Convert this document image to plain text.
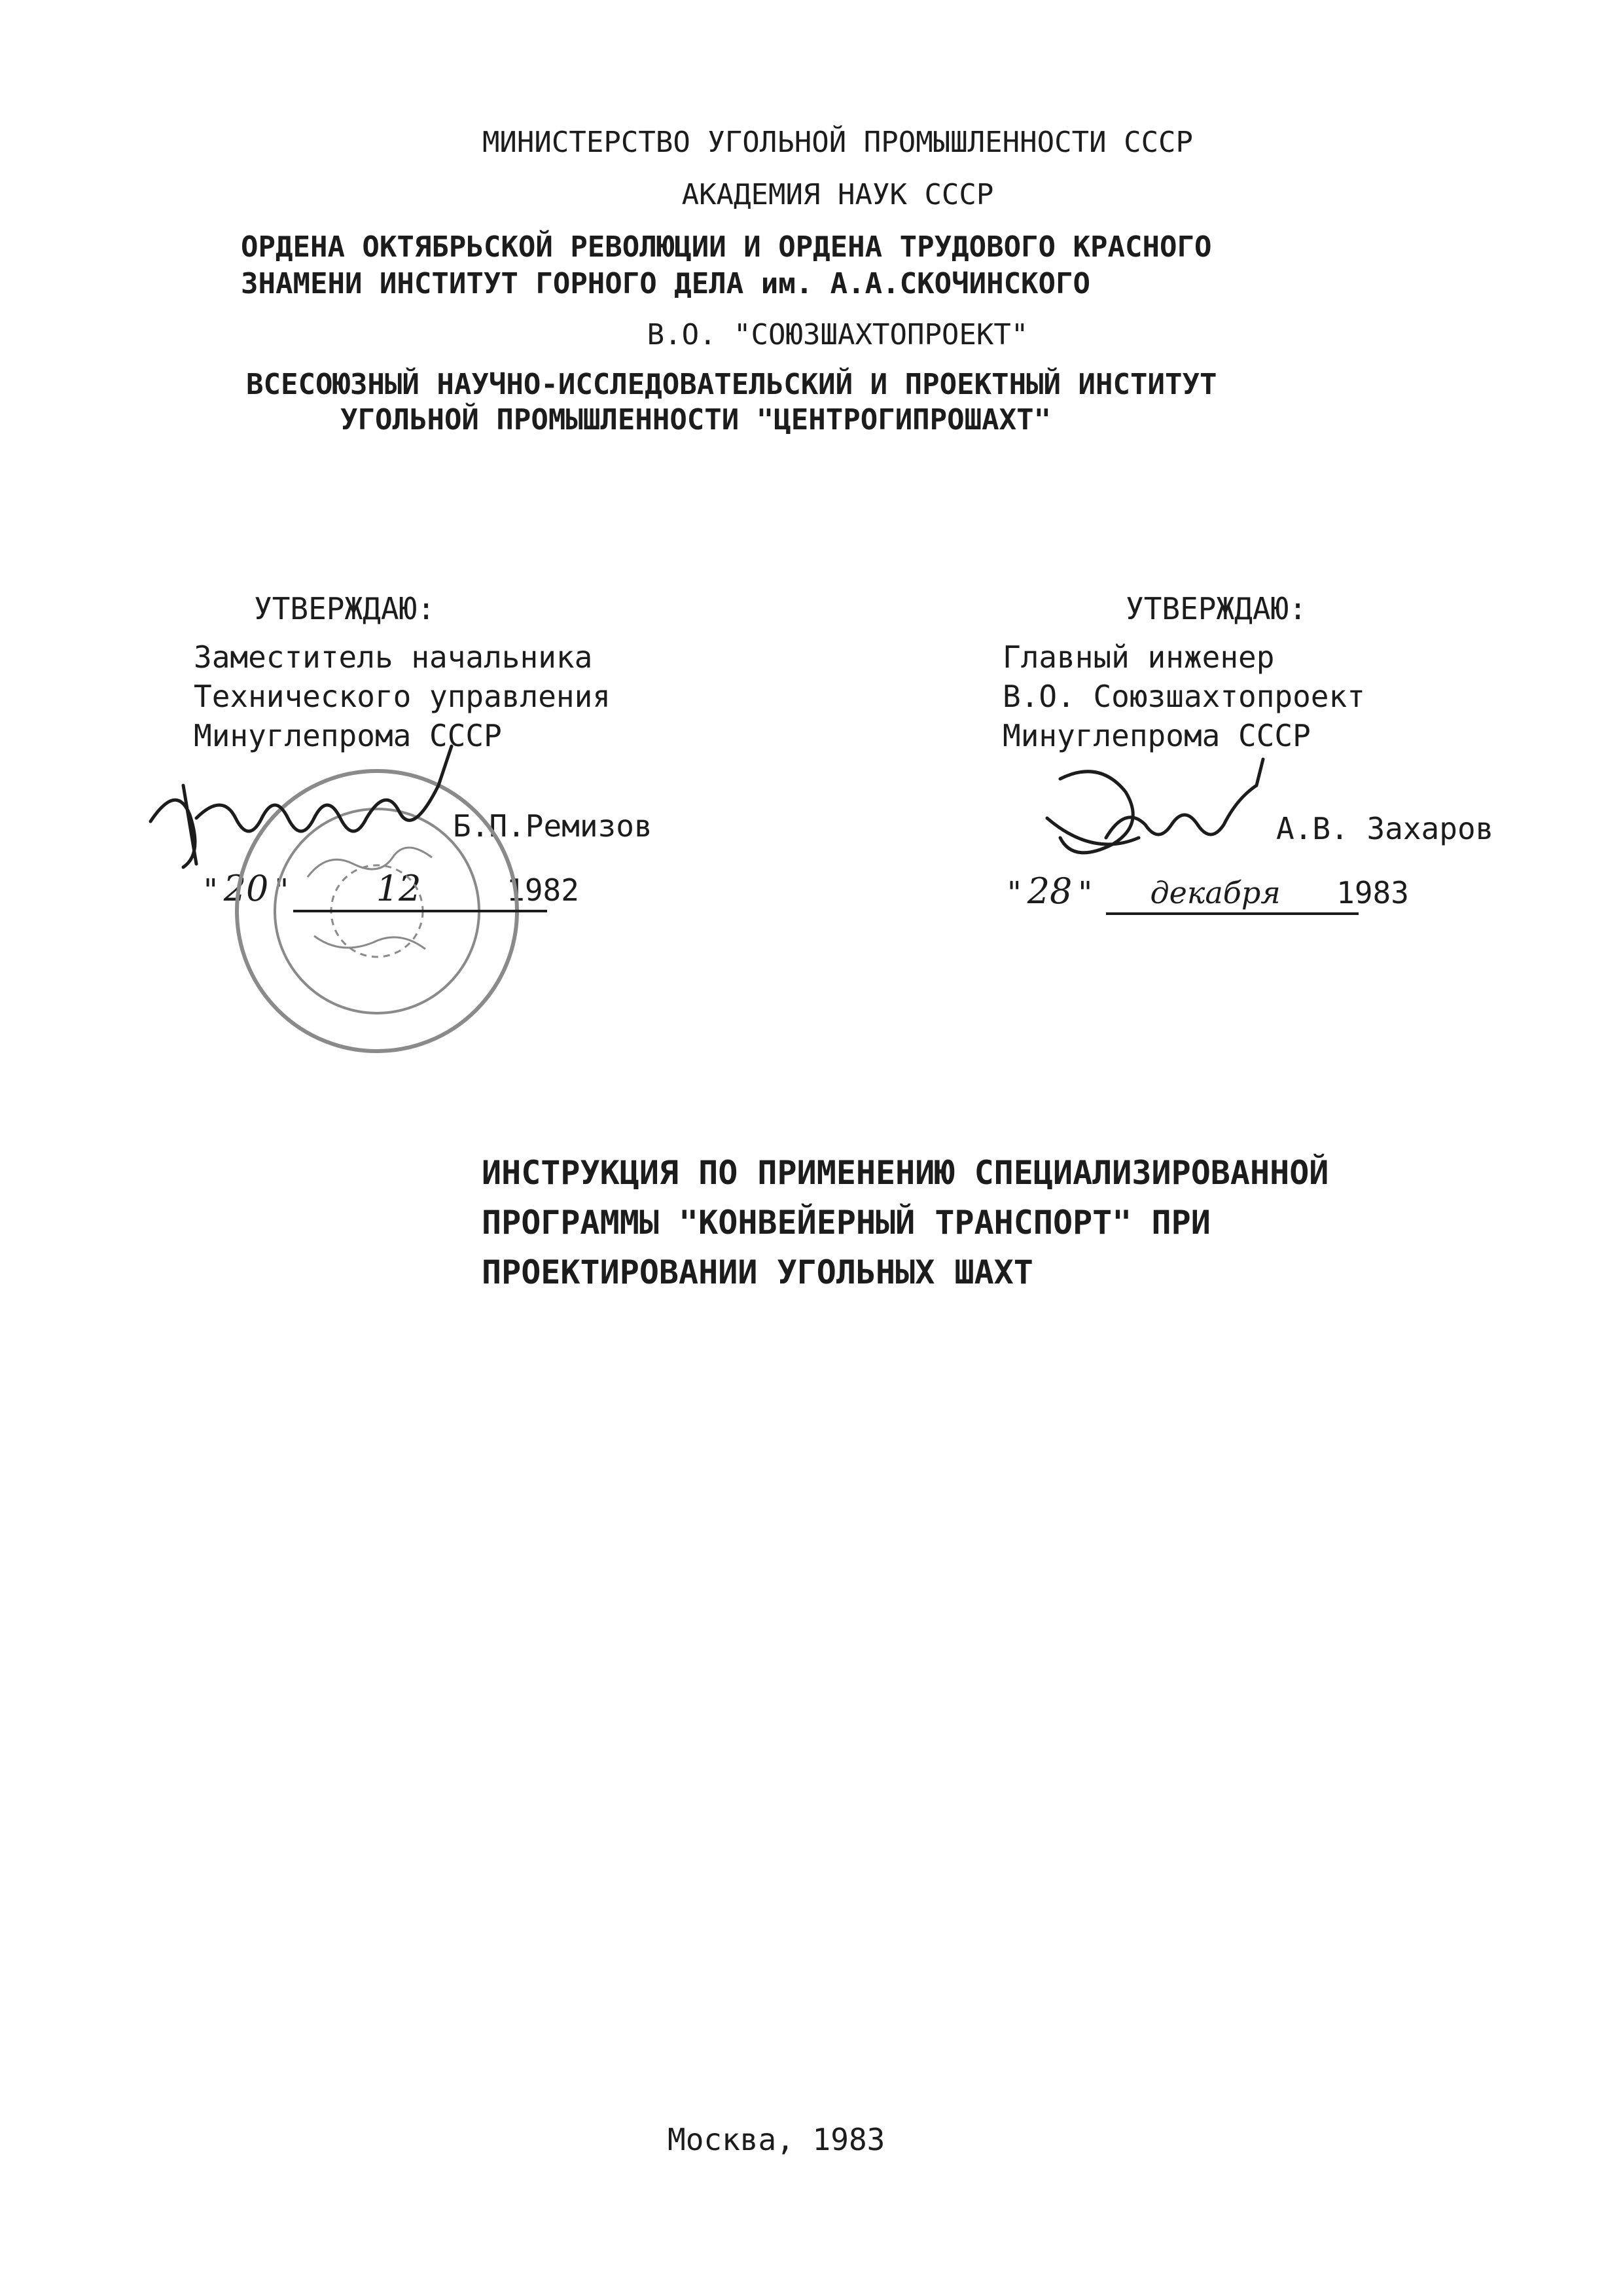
МИНИСТЕРСТВО УГОЛЬНОЙ ПРОМЫШЛЕННОСТИ СССР
АКАДЕМИЯ НАУК СССР
ОРДЕНА ОКТЯБРЬСКОЙ РЕВОЛЮЦИИ И ОРДЕНА ТРУДОВОГО КРАСНОГО
ЗНАМЕНИ ИНСТИТУТ ГОРНОГО ДЕЛА им. А.А.СКОЧИНСКОГО
В.О. "СОЮЗШАХТОПРОЕКТ"
ВСЕСОЮЗНЫЙ НАУЧНО-ИССЛЕДОВАТЕЛЬСКИЙ И ПРОЕКТНЫЙ ИНСТИТУТ
УГОЛЬНОЙ ПРОМЫШЛЕННОСТИ "ЦЕНТРОГИПРОШАХТ"
УТВЕРЖДАЮ:
Заместитель начальника
Технического управления
Минуглепрома СССР
Б.П.Ремизов
" 20 " 12	1982
УТВЕРЖДАЮ:
Главный инженер
В.О. Союзшахтопроект
Минуглепрома СССР
А.В. Захаров
" 28 " декабря 1983
ИНСТРУКЦИЯ ПО ПРИМЕНЕНИЮ СПЕЦИАЛИЗИРОВАННОЙ
ПРОГРАММЫ "КОНВЕЙЕРНЫЙ ТРАНСПОРТ" ПРИ
ПРОЕКТИРОВАНИИ УГОЛЬНЫХ ШАХТ
Москва, 1983
